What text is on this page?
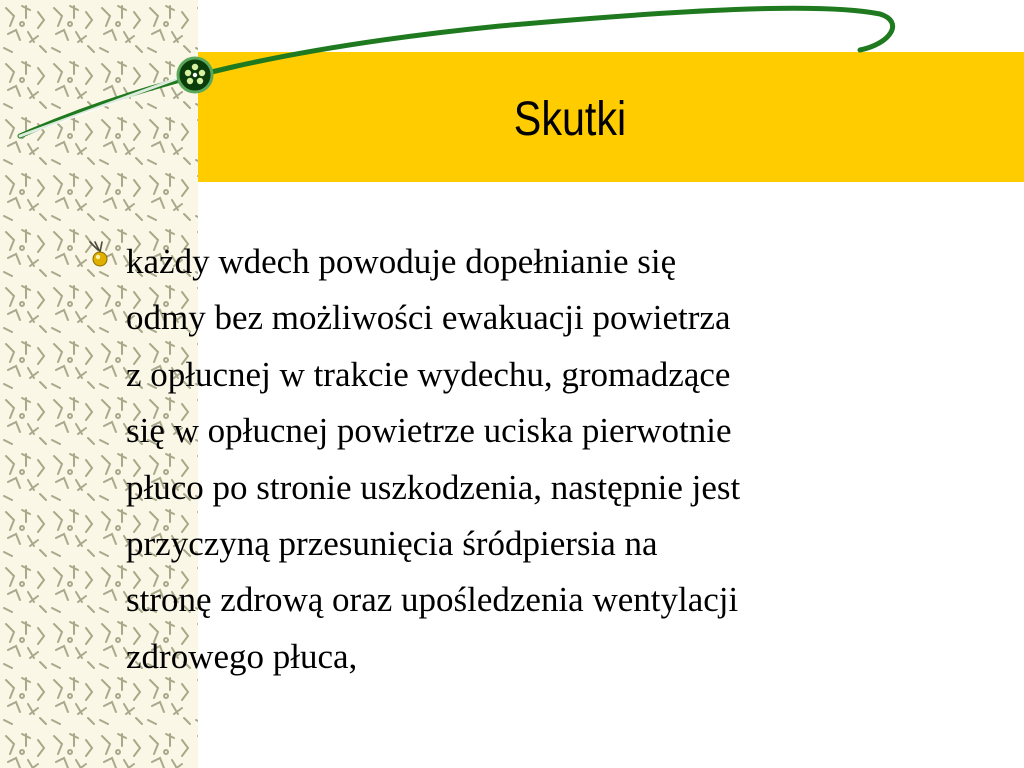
Skutki

każdy wdech powoduje dopełnianie się
odmy bez możliwości ewakuacji powietrza
z opłucnej w trakcie wydechu, gromadzące
się w opłucnej powietrze uciska pierwotnie
płuco po stronie uszkodzenia, następnie jest
przyczyną przesunięcia śródpiersia na
stronę zdrową oraz upośledzenia wentylacji
zdrowego płuca,
